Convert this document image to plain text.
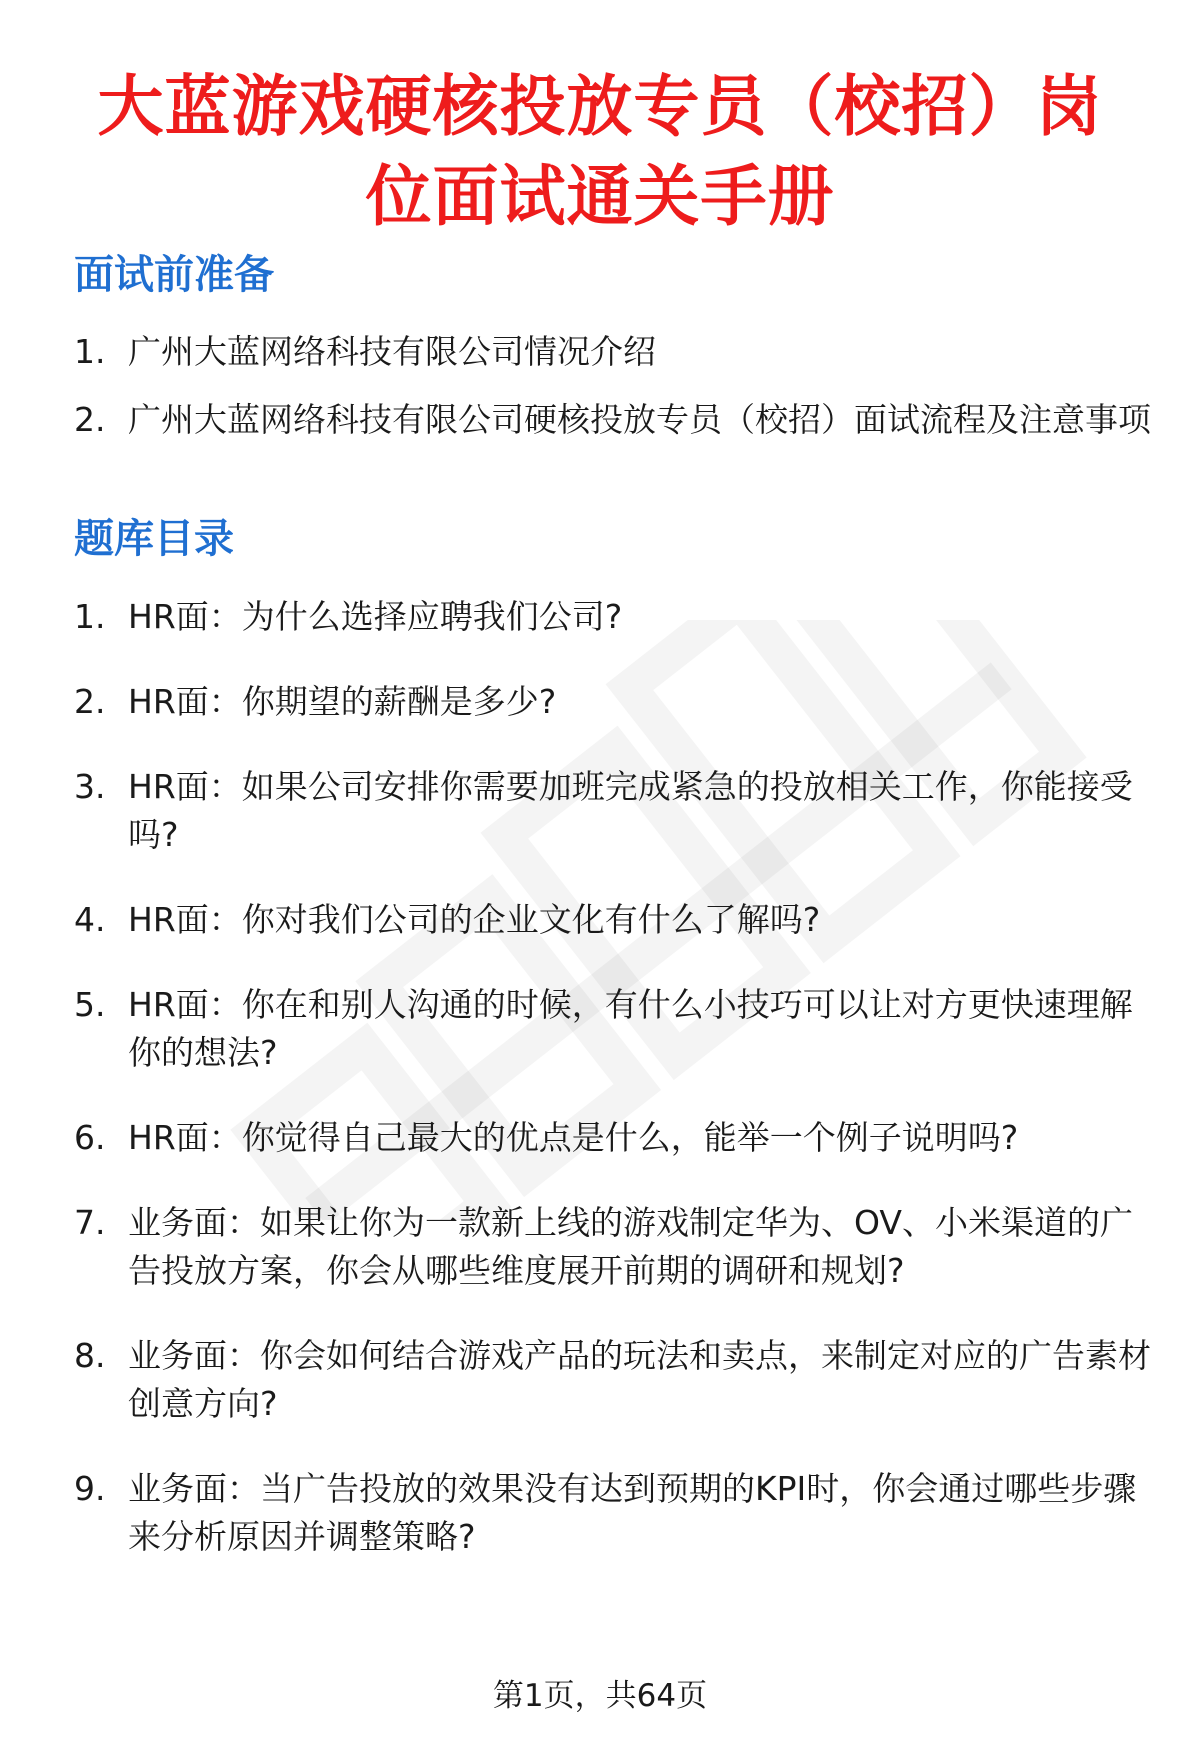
大蓝游戏硬核投放专员（校招）岗
位面试通关手册
面试前准备
1. 广州大蓝网络科技有限公司情况介绍
2. 广州大蓝网络科技有限公司硬核投放专员（校招）面试流程及注意事项
题库目录
1. HR面：为什么选择应聘我们公司?
2. HR面：你期望的薪酬是多少?
3. HR面：如果公司安排你需要加班完成紧急的投放相关工作，你能接受吗?
4. HR面：你对我们公司的企业文化有什么了解吗?
5. HR面：你在和别人沟通的时候，有什么小技巧可以让对方更快速理解你的想法?
6. HR面：你觉得自己最大的优点是什么，能举一个例子说明吗?
7. 业务面：如果让你为一款新上线的游戏制定华为、OV、小米渠道的广告投放方案，你会从哪些维度展开前期的调研和规划?
8. 业务面：你会如何结合游戏产品的玩法和卖点，来制定对应的广告素材创意方向?
9. 业务面：当广告投放的效果没有达到预期的KPI时，你会通过哪些步骤来分析原因并调整策略?
第1页，共64页
